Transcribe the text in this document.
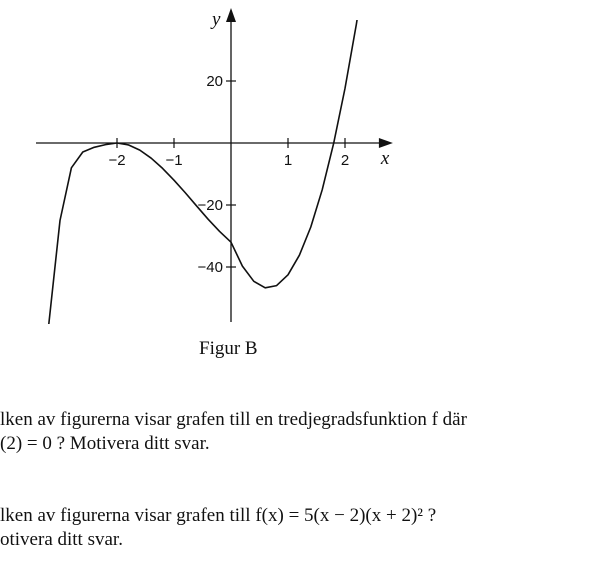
x
y
−2	−1	1	2
20
−20
−40

Figur B

lken av figurerna visar grafen till en tredjegradsfunktion f där
(2) = 0 ? Motivera ditt svar.
lken av figurerna visar grafen till f(x) = 5(x − 2)(x + 2)² ?
otivera ditt svar.
